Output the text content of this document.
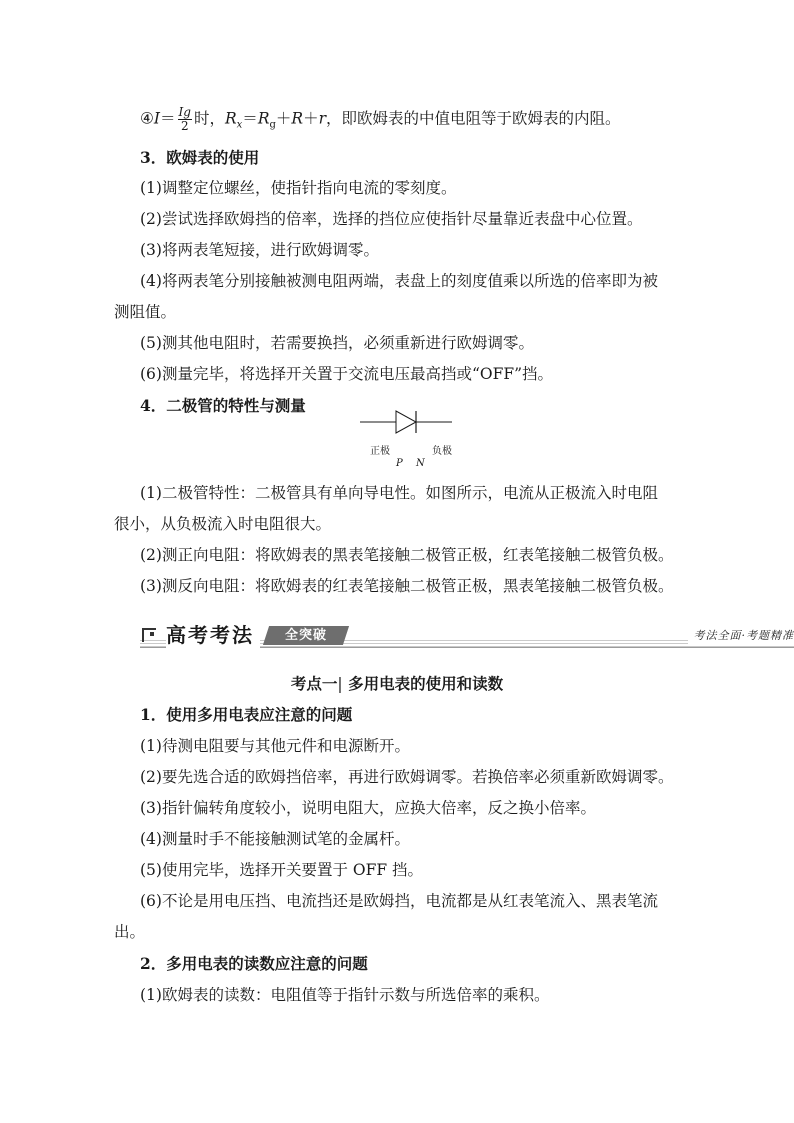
④I＝ $\frac{Ig}{2}$ 时，$R_x=R_g+R+r$，即欧姆表的中值电阻等于欧姆表的内阻。
3．欧姆表的使用
(1)调整定位螺丝，使指针指向电流的零刻度。
(2)尝试选择欧姆挡的倍率，选择的挡位应使指针尽量靠近表盘中心位置。
(3)将两表笔短接，进行欧姆调零。
(4)将两表笔分别接触被测电阻两端，表盘上的刻度值乘以所选的倍率即为被
测阻值。
(5)测其他电阻时，若需要换挡，必须重新进行欧姆调零。
(6)测量完毕，将选择开关置于交流电压最高挡或“OFF”挡。
4．二极管的特性与测量
正极
P N
负极
(1)二极管特性：二极管具有单向导电性。如图所示，电流从正极流入时电阻
很小，从负极流入时电阻很大。
(2)测正向电阻：将欧姆表的黑表笔接触二极管正极，红表笔接触二极管负极。
(3)测反向电阻：将欧姆表的红表笔接触二极管正极，黑表笔接触二极管负极。
高考考法	全突破	考法全面·考题精准
考点一| 多用电表的使用和读数
1．使用多用电表应注意的问题
(1)待测电阻要与其他元件和电源断开。
(2)要先选合适的欧姆挡倍率，再进行欧姆调零。若换倍率必须重新欧姆调零。
(3)指针偏转角度较小，说明电阻大，应换大倍率，反之换小倍率。
(4)测量时手不能接触测试笔的金属杆。
(5)使用完毕，选择开关要置于 OFF 挡。
(6)不论是用电压挡、电流挡还是欧姆挡，电流都是从红表笔流入、黑表笔流
出。
2．多用电表的读数应注意的问题
(1)欧姆表的读数：电阻值等于指针示数与所选倍率的乘积。
